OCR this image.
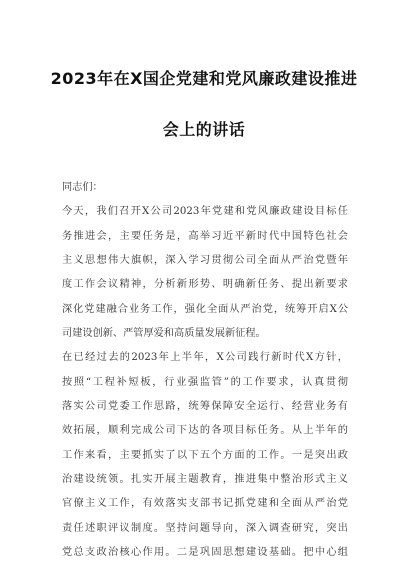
2023年在X国企党建和党风廉政建设推进
会上的讲话
同志们：
今天，我们召开X公司2023年党建和党风廉政建设目标任
务推进会，主要任务是，高举习近平新时代中国特色社会
主义思想伟大旗帜，深入学习贯彻公司全面从严治党暨年
度工作会议精神，分析新形势、明确新任务、提出新要求
深化党建融合业务工作，强化全面从严治党，统筹开启X公
司建设创新、严管厚爱和高质量发展新征程。
在已经过去的2023年上半年，X公司践行新时代X方针，
按照“工程补短板，行业强监管”的工作要求，认真贯彻
落实公司党委工作思路，统筹保障安全运行、经营业务有
效拓展，顺利完成公司下达的各项目标任务。从上半年的
工作来看，主要抓实了以下五个方面的工作。一是突出政
治建设统领。扎实开展主题教育，推进集中整治形式主义
官僚主义工作，有效落实支部书记抓党建和全面从严治党
责任述职评议制度。坚持问题导向，深入调查研究，突出
党总支政治核心作用。二是巩固思想建设基础。把中心组
